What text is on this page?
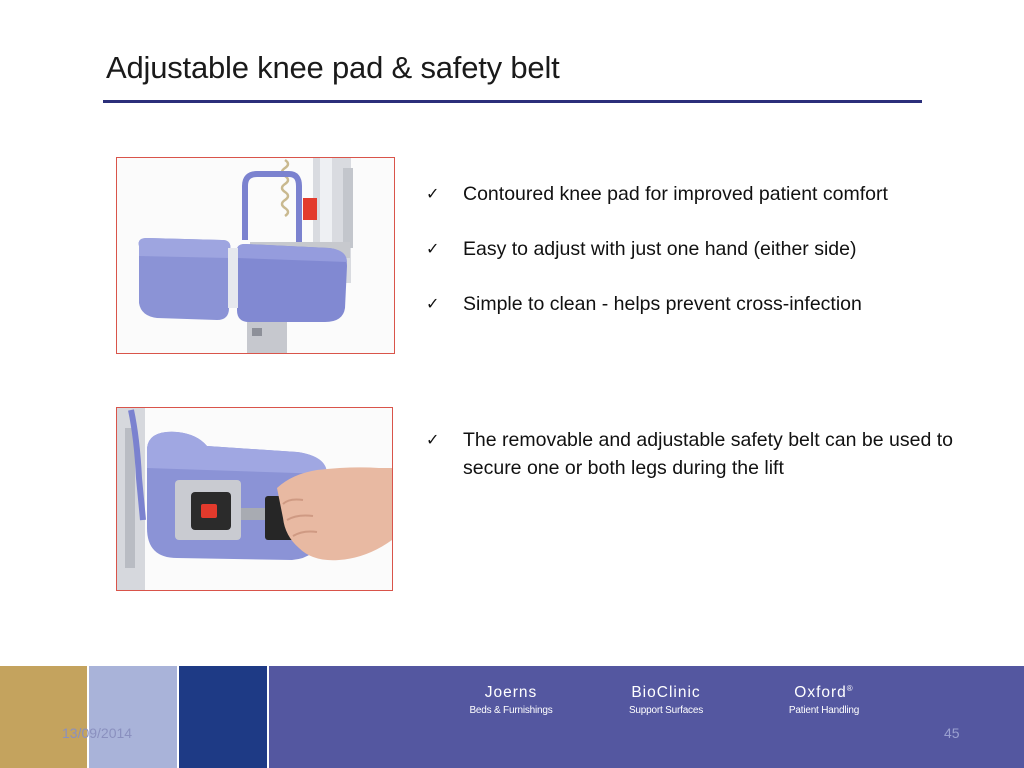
Adjustable knee pad & safety belt
✓ Contoured knee pad for improved patient comfort
✓ Easy to adjust with just one hand (either side)
✓ Simple to clean - helps prevent cross-infection
✓ The removable and adjustable safety belt can be used to secure one or both legs during the lift
Joerns
Beds & Furnishings
BioClinic
Support Surfaces
Oxford®
Patient Handling
13/09/2014	45
